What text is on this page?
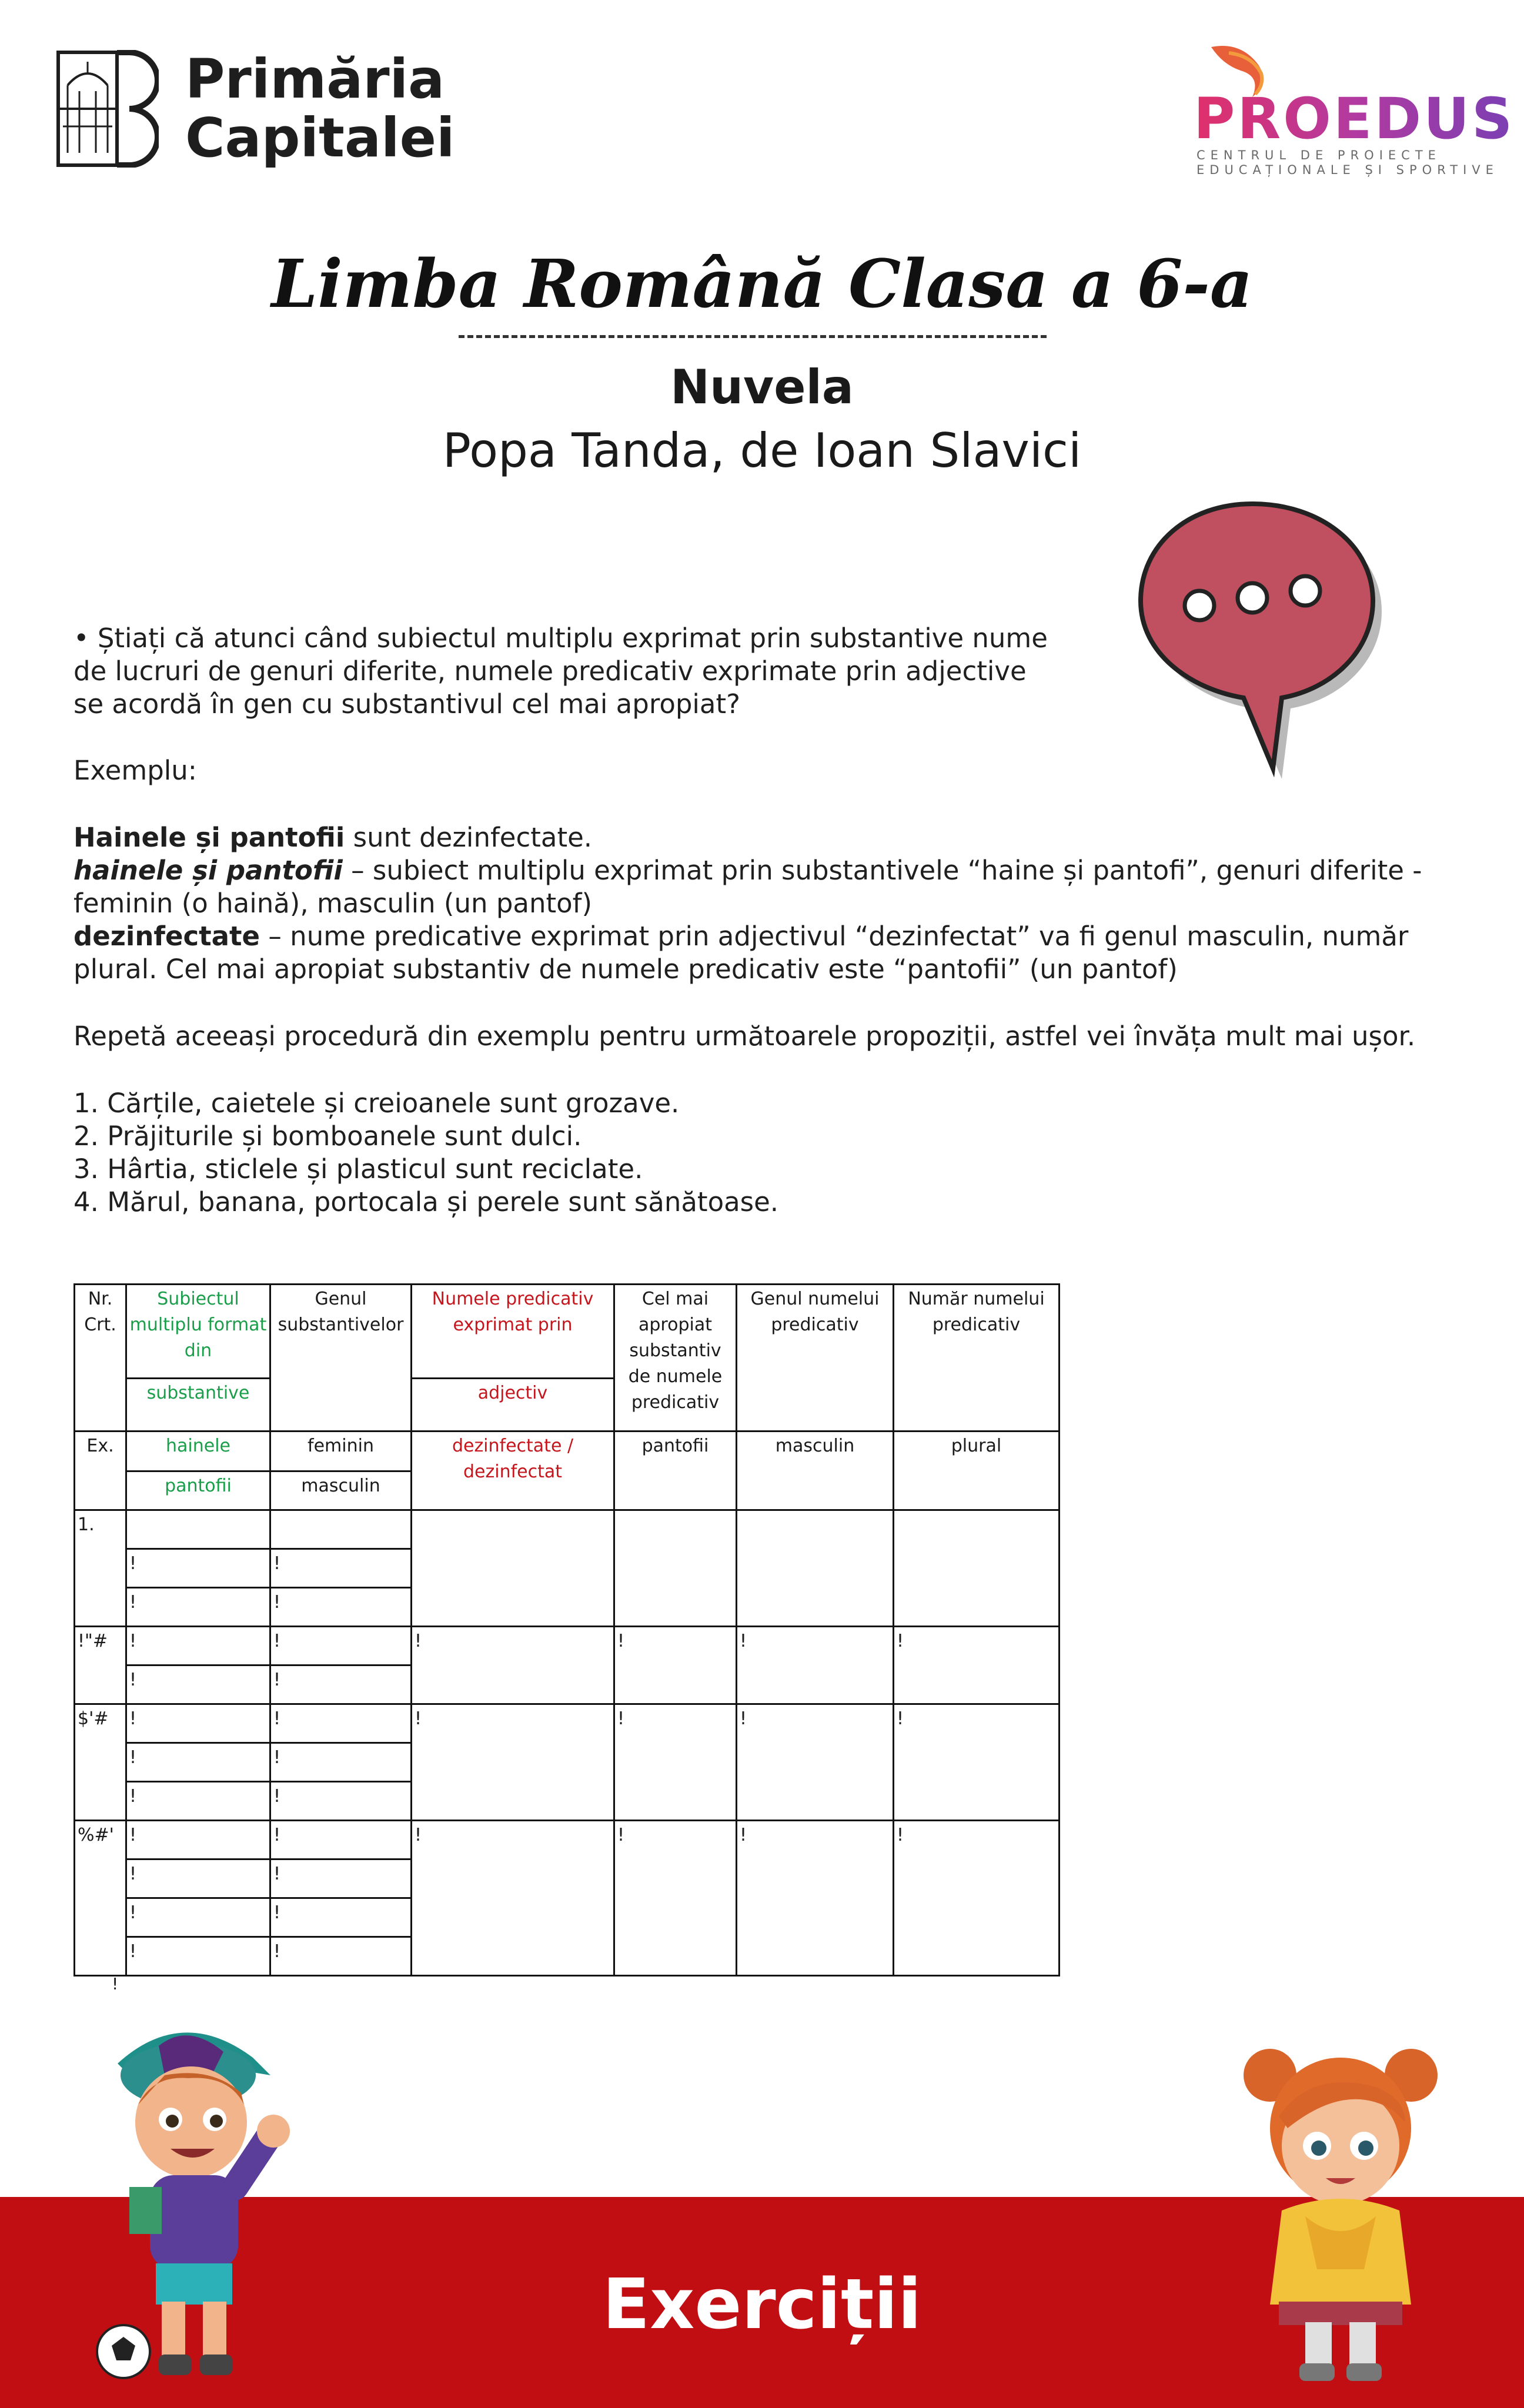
Primăria
Capitalei	PROEDUS
CENTRUL DE PROIECTE
EDUCAȚIONALE ȘI SPORTIVE
Limba Română Clasa a 6-a
Nuvela
Popa Tanda, de Ioan Slavici
• Știați că atunci când subiectul multiplu exprimat prin substantive nume
de lucruri de genuri diferite, numele predicativ exprimate prin adjective
se acordă în gen cu substantivul cel mai apropiat?
Exemplu:
Hainele și pantofii sunt dezinfectate.
hainele și pantofii – subiect multiplu exprimat prin substantivele “haine și pantofi”, genuri diferite -
feminin (o haină), masculin (un pantof)
dezinfectate – nume predicative exprimat prin adjectivul “dezinfectat” va fi genul masculin, număr
plural. Cel mai apropiat substantiv de numele predicativ este “pantofii” (un pantof)
Repetă aceeași procedură din exemplu pentru următoarele propoziții, astfel vei învăța mult mai ușor.
1. Cărțile, caietele și creioanele sunt grozave.
2. Prăjiturile și bomboanele sunt dulci.
3. Hârtia, sticlele și plasticul sunt reciclate.
4. Mărul, banana, portocala și perele sunt sănătoase.
Nr.
Crt.	Subiectul multiplu format din	Genul substantivelor	Numele predicativ exprimat prin	Cel mai apropiat substantiv de numele predicativ	Genul numelui predicativ	Număr numelui predicativ
	substantive		adjectiv			
Ex.	hainele	feminin	dezinfectate / dezinfectat	pantofii	masculin	plural
	pantofii	masculin				
1.						
	!	!				
	!	!				
!"#	!	!	!	!	!	!
	!	!				
$'#	!	!	!	!	!	!
	!	!				
	!	!				
%#'	!	!	!	!	!	!
	!	!				
	!	!				
	!	!				
!
Exerciții
